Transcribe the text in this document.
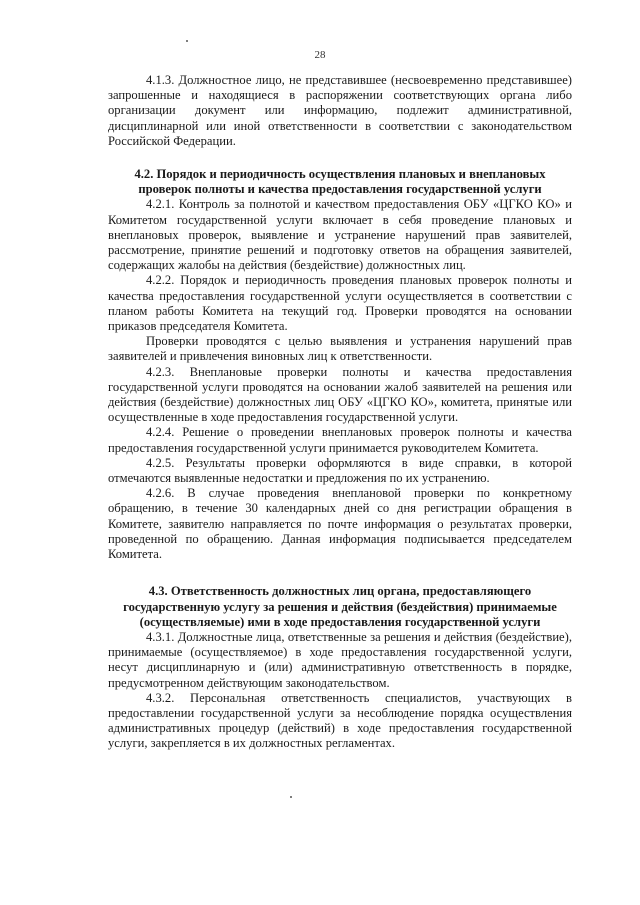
28

4.1.3. Должностное лицо, не представившее (несвоевременно представившее) запрошенные и находящиеся в распоряжении соответствующих органа либо организации документ или информацию, подлежит административной, дисциплинарной или иной ответственности в соответствии с законодательством Российской Федерации.

4.2. Порядок и периодичность осуществления плановых и внеплановых проверок полноты и качества предоставления государственной услуги

4.2.1. Контроль за полнотой и качеством предоставления ОБУ «ЦГКО КО» и Комитетом государственной услуги включает в себя проведение плановых и внеплановых проверок, выявление и устранение нарушений прав заявителей, рассмотрение, принятие решений и подготовку ответов на обращения заявителей, содержащих жалобы на действия (бездействие) должностных лиц.

4.2.2. Порядок и периодичность проведения плановых проверок полноты и качества предоставления государственной услуги осуществляется в соответствии с планом работы Комитета на текущий год. Проверки проводятся на основании приказов председателя Комитета.

Проверки проводятся с целью выявления и устранения нарушений прав заявителей и привлечения виновных лиц к ответственности.

4.2.3. Внеплановые проверки полноты и качества предоставления государственной услуги проводятся на основании жалоб заявителей на решения или действия (бездействие) должностных лиц ОБУ «ЦГКО КО», комитета, принятые или осуществленные в ходе предоставления государственной услуги.

4.2.4. Решение о проведении внеплановых проверок полноты и качества предоставления государственной услуги принимается руководителем Комитета.

4.2.5. Результаты проверки оформляются в виде справки, в которой отмечаются выявленные недостатки и предложения по их устранению.

4.2.6. В случае проведения внеплановой проверки по конкретному обращению, в течение 30 календарных дней со дня регистрации обращения в Комитете, заявителю направляется по почте информация о результатах проверки, проведенной по обращению. Данная информация подписывается председателем Комитета.

4.3. Ответственность должностных лиц органа, предоставляющего государственную услугу за решения и действия (бездействия) принимаемые (осуществляемые) ими в ходе предоставления государственной услуги

4.3.1. Должностные лица, ответственные за решения и действия (бездействие), принимаемые (осуществляемое) в ходе предоставления государственной услуги, несут дисциплинарную и (или) административную ответственность в порядке, предусмотренном действующим законодательством.

4.3.2. Персональная ответственность специалистов, участвующих в предоставлении государственной услуги за несоблюдение порядка осуществления административных процедур (действий) в ходе предоставления государственной услуги, закрепляется в их должностных регламентах.
